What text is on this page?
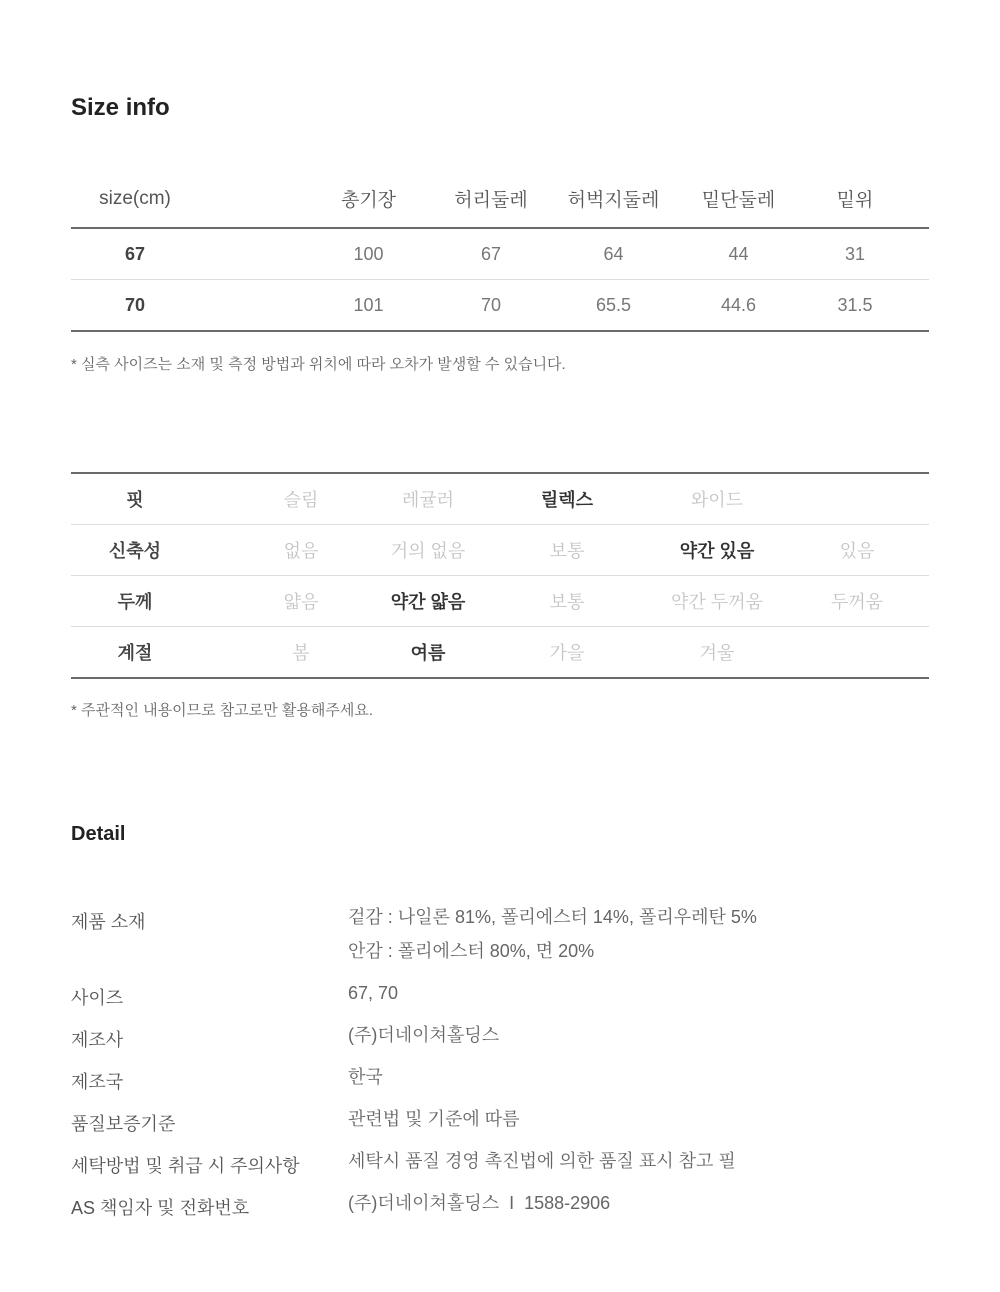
Size info
size(cm)	총기장	허리둘레	허벅지둘레	밑단둘레	밑위
67	100	67	64	44	31
70	101	70	65.5	44.6	31.5
* 실측 사이즈는 소재 및 측정 방법과 위치에 따라 오차가 발생할 수 있습니다.
핏	슬림	레귤러	릴렉스	와이드
신축성	없음	거의 없음	보통	약간 있음	있음
두께	얇음	약간 얇음	보통	약간 두꺼움	두꺼움
계절	봄	여름	가을	겨울
* 주관적인 내용이므로 참고로만 활용해주세요.
Detail
제품 소재	겉감 : 나일론 81%, 폴리에스터 14%, 폴리우레탄 5%
안감 : 폴리에스터 80%, 면 20%
사이즈	67, 70
제조사	(주)더네이쳐홀딩스
제조국	한국
품질보증기준	관련법 및 기준에 따름
세탁방법 및 취급 시 주의사항	세탁시 품질 경영 촉진법에 의한 품질 표시 참고 필
AS 책임자 및 전화번호	(주)더네이쳐홀딩스 I 1588-2906
